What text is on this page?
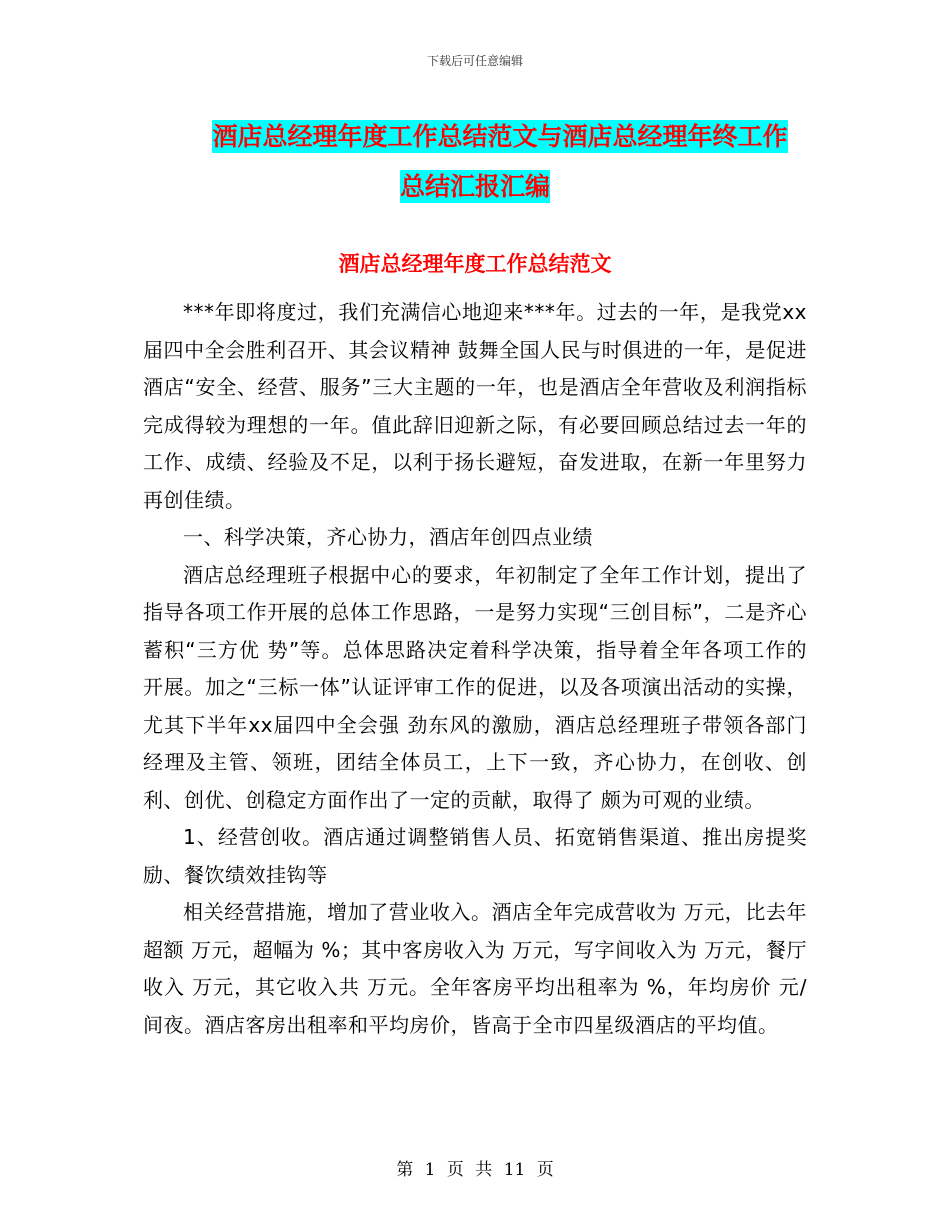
下载后可任意编辑
酒店总经理年度工作总结范文与酒店总经理年终工作
总结汇报汇编
酒店总经理年度工作总结范文

***年即将度过，我们充满信心地迎来***年。过去的一年，是我党xx届四中全会胜利召开、其会议精神 鼓舞全国人民与时俱进的一年，是促进酒店“安全、经营、服务”三大主题的一年，也是酒店全年营收及利润指标完成得较为理想的一年。值此辞旧迎新之际，有必要回顾总结过去一年的工作、成绩、经验及不足，以利于扬长避短，奋发进取，在新一年里努力再创佳绩。

一、科学决策，齐心协力，酒店年创四点业绩

酒店总经理班子根据中心的要求，年初制定了全年工作计划，提出了指导各项工作开展的总体工作思路，一是努力实现“三创目标”，二是齐心蓄积“三方优 势”等。总体思路决定着科学决策，指导着全年各项工作的开展。加之“三标一体”认证评审工作的促进，以及各项演出活动的实操，尤其下半年xx届四中全会强 劲东风的激励，酒店总经理班子带领各部门经理及主管、领班，团结全体员工，上下一致，齐心协力，在创收、创利、创优、创稳定方面作出了一定的贡献，取得了 颇为可观的业绩。

1、经营创收。酒店通过调整销售人员、拓宽销售渠道、推出房提奖励、餐饮绩效挂钩等

相关经营措施，增加了营业收入。酒店全年完成营收为 万元，比去年超额 万元，超幅为 %；其中客房收入为 万元，写字间收入为 万元，餐厅收入 万元，其它收入共 万元。全年客房平均出租率为 %，年均房价 元/间夜。酒店客房出租率和平均房价，皆高于全市四星级酒店的平均值。

第 1 页 共 11 页
